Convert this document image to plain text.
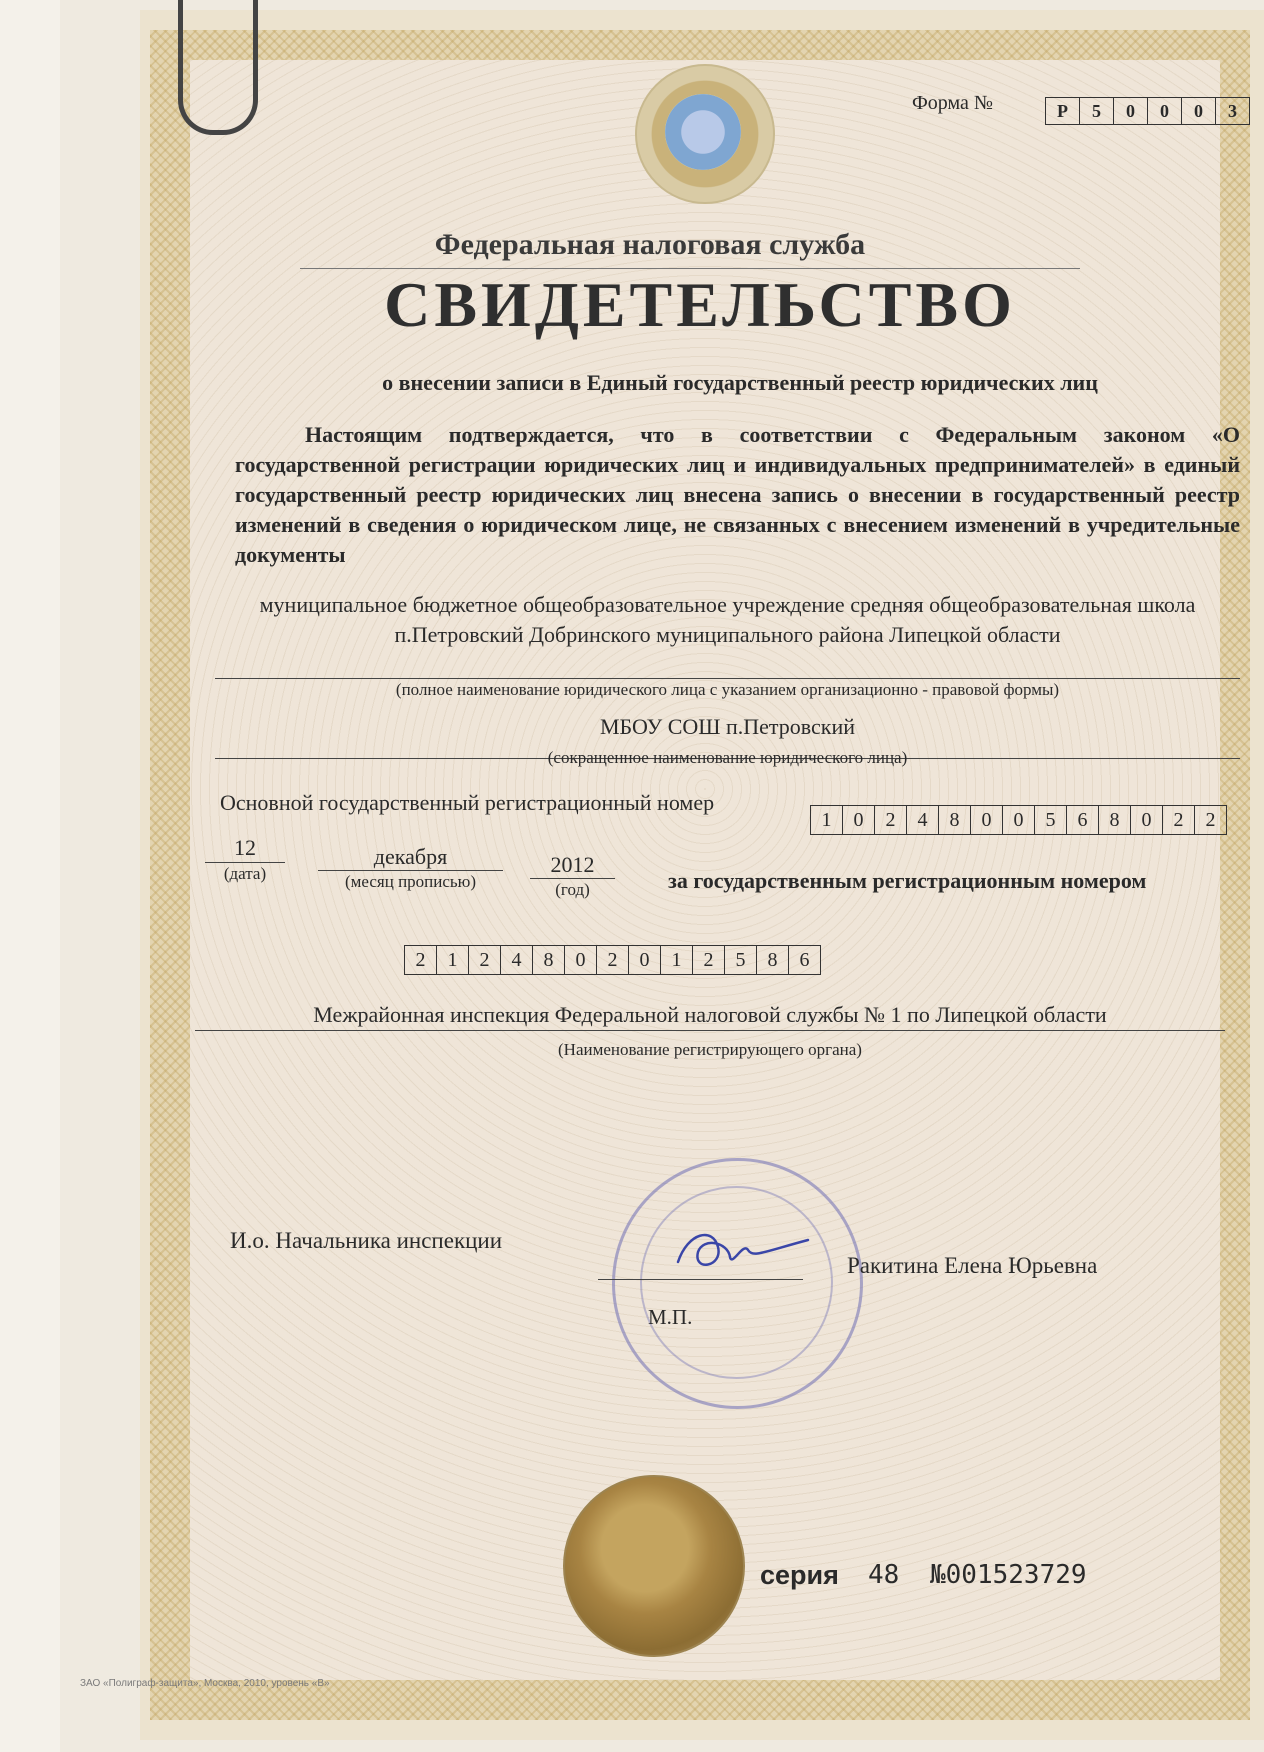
Форма №	Р	5	0	0	0	3
Федеральная налоговая служба
СВИДЕТЕЛЬСТВО
о внесении записи в Единый государственный реестр юридических лиц
Настоящим подтверждается, что в соответствии с Федеральным законом «О государственной регистрации юридических лиц и индивидуальных предпринимателей» в единый государственный реестр юридических лиц внесена запись о внесении в государственный реестр изменений в сведения о юридическом лице, не связанных с внесением изменений в учредительные документы
муниципальное бюджетное общеобразовательное учреждение средняя общеобразовательная школа п.Петровский Добринского муниципального района Липецкой области
(полное наименование юридического лица с указанием организационно - правовой формы)
МБОУ СОШ п.Петровский
(сокращенное наименование юридического лица)
Основной государственный регистрационный номер
1	0	2	4	8	0	0	5	6	8	0	2	2
12
(дата)
декабря
(месяц прописью)
2012
(год)	за государственным регистрационным номером
2	1	2	4	8	0	2	0	1	2	5	8	6
Межрайонная инспекция Федеральной налоговой службы № 1 по Липецкой области
(Наименование регистрирующего органа)
И.о. Начальника инспекции
М.П.
Ракитина Елена Юрьевна
серия 48 №001523729
ЗАО «Полиграф-защита», Москва, 2010, уровень «В»
